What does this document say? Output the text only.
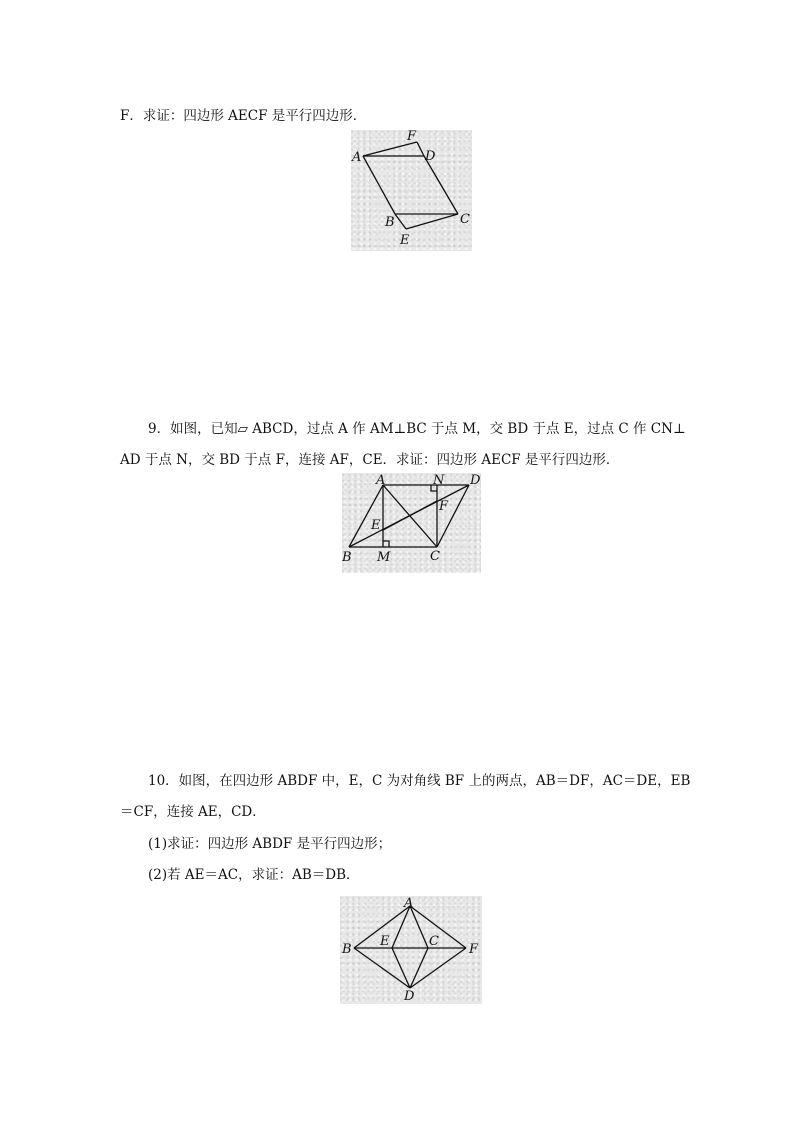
F．求证：四边形 AECF 是平行四边形．
A
F
D
B	C
E
9．如图，已知▱ ABCD，过点 A 作 AM⊥BC 于点 M，交 BD 于点 E，过点 C 作 CN⊥
AD 于点 N，交 BD 于点 F，连接 AF，CE．求证：四边形 AECF 是平行四边形．
A	N D
F
E
B M	C
10．如图，在四边形 ABDF 中，E，C 为对角线 BF 上的两点，AB＝DF，AC＝DE，EB
＝CF，连接 AE，CD．
(1)求证：四边形 ABDF 是平行四边形；
(2)若 AE＝AC，求证：AB＝DB．
A
B
E	C
F
D
